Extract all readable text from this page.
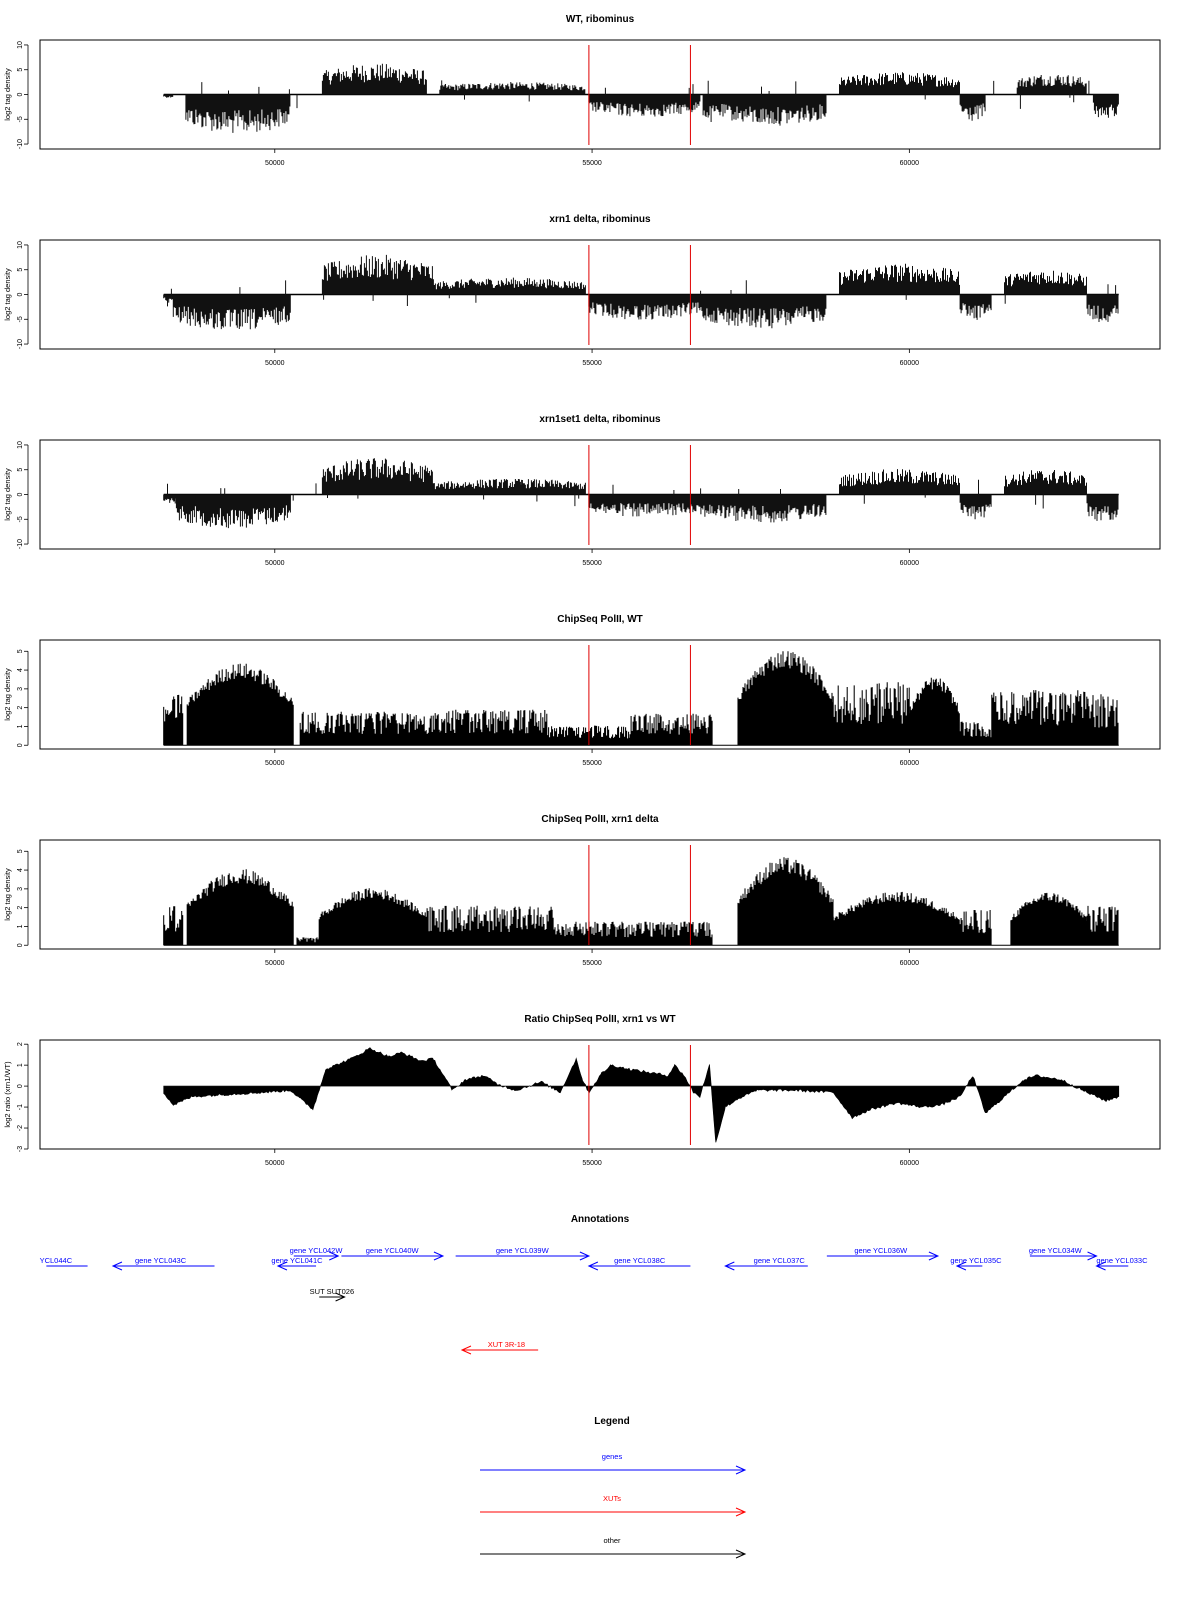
WT, ribominus
10
5
0
-5
-10
log2 tag density
50000	55000	60000
xrn1 delta, ribominus
10
5
0
-5
-10
log2 tag density
50000	55000	60000
xrn1set1 delta, ribominus
10
5
0
-5
-10
log2 tag density
50000	55000	60000
ChipSeq PolII, WT
0
1
2
3
4
5
log2 tag density
50000	55000	60000
ChipSeq PolII, xrn1 delta
0
1
2
3
4
5
log2 tag density
50000	55000	60000
Ratio ChipSeq PolII, xrn1 vs WT
2
1
0
-1
-2
-3
log2 ratio (xrn1/WT)
50000	55000	60000
Annotations
YCL044C	gene YCL043C
gene YCL042W
gene YCL041C
gene YCL040W	gene YCL039W
gene YCL038C	gene YCL037C
gene YCL036W
gene YCL035C
gene YCL034W
gene YCL033C
SUT SUT026
XUT 3R-18
Legend
genes
XUTs
other
